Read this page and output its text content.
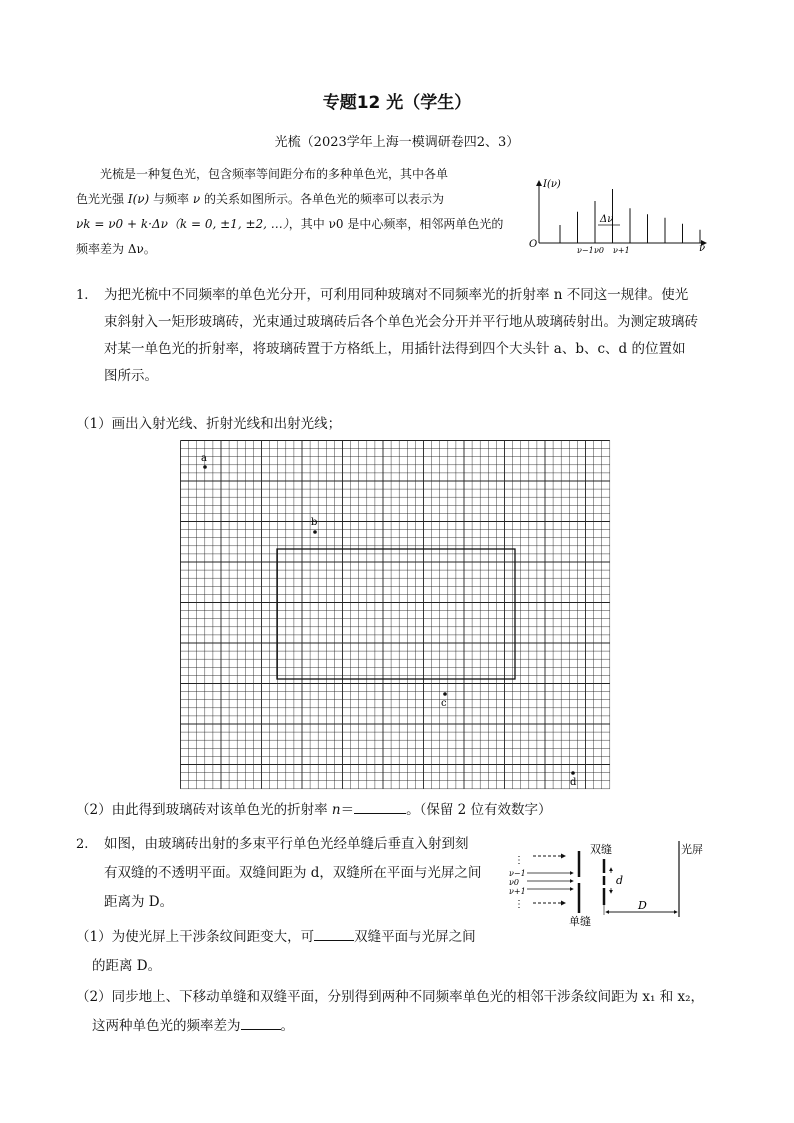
专题12 光（学生）
光梳（2023学年上海一模调研卷四2、3）
光梳是一种复色光，包含频率等间距分布的多种单色光，其中各单
色光光强 I(ν) 与频率 ν 的关系如图所示。各单色光的频率可以表示为
νk = ν0 + k·Δν（k = 0, ±1, ±2, …），其中 ν0 是中心频率，相邻两单色光的
频率差为 Δν。
I(ν)
O	ν
Δν
ν−1 ν0 ν+1
1. 为把光梳中不同频率的单色光分开，可利用同种玻璃对不同频率光的折射率 n 不同这一规律。使光
束斜射入一矩形玻璃砖，光束通过玻璃砖后各个单色光会分开并平行地从玻璃砖射出。为测定玻璃砖
对某一单色光的折射率，将玻璃砖置于方格纸上，用插针法得到四个大头针 a、b、c、d 的位置如
图所示。
（1）画出入射光线、折射光线和出射光线；
a
b
c
d
（2）由此得到玻璃砖对该单色光的折射率 n＝	。（保留 2 位有效数字）
2. 如图，由玻璃砖出射的多束平行单色光经单缝后垂直入射到刻
有双缝的不透明平面。双缝间距为 d，双缝所在平面与光屏之间
距离为 D。
（1）为使光屏上干涉条纹间距变大，可	双缝平面与光屏之间
的距离 D。
（2）同步地上、下移动单缝和双缝平面，分别得到两种不同频率单色光的相邻干涉条纹间距为 x₁ 和 x₂，
这两种单色光的频率差为	。
双缝	光屏
单缝
⋮
ν−1
ν0
ν+1
⋮
d
D
